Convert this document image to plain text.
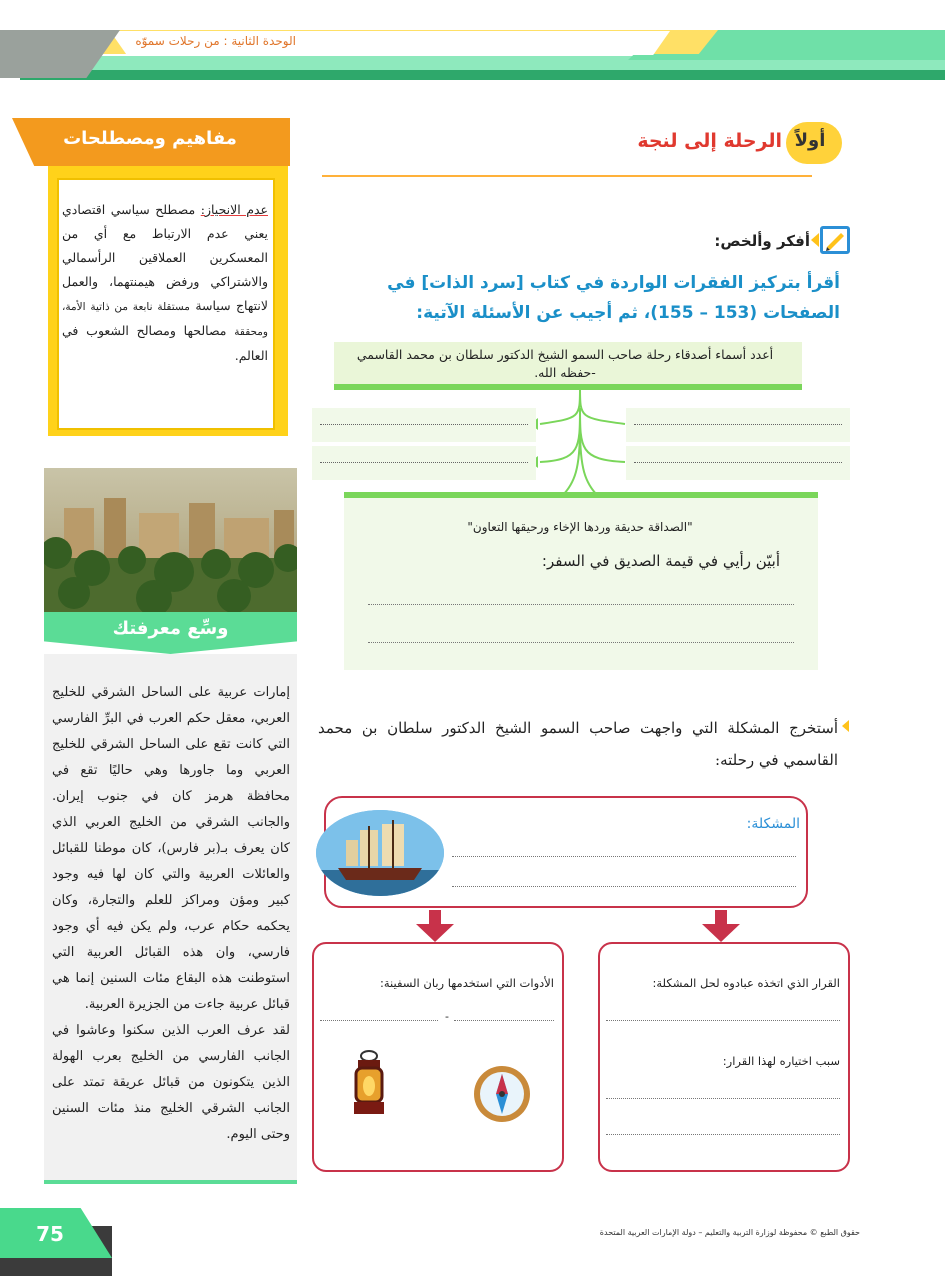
الوحدة الثانية : من رحلات سموّه
مفاهيم ومصطلحات
عدم الانحياز: مصطلح سياسي اقتصادي يعني عدم الارتباط مع أي من المعسكرين العملاقين الرأسمالي والاشتراكي ورفض هيمنتهما، والعمل لانتهاج سياسة مستقلة نابعة من ذاتية الأمة، ومحققة مصالحها ومصالح الشعوب في العالم.
وسِّع معرفتك

إمارات عربية على الساحل الشرقي للخليج العربي، معقل حكم العرب في البرِّ الفارسي التي كانت تقع على الساحل الشرقي للخليج العربي وما جاورها وهي حاليًا تقع في محافظة هرمز كان في جنوب إيران. والجانب الشرقي من الخليج العربي الذي كان يعرف بـ(بر فارس)، كان موطنا للقبائل والعائلات العربية والتي كان لها فيه وجود كبير ومؤن ومراكز للعلم والتجارة، وكان يحكمه حكام عرب، ولم يكن فيه أي وجود فارسي، وان هذه القبائل العربية التي استوطنت هذه البقاع مئات السنين إنما هي قبائل عربية جاءت من الجزيرة العربية.

لقد عرف العرب الذين سكنوا وعاشوا في الجانب الفارسي من الخليج بعرب الهولة الذين يتكونون من قبائل عريقة تمتد على الجانب الشرقي الخليج منذ مئات السنين وحتى اليوم.

أولاً
الرحلة إلى لنجة
أفكر وألخص:
أقرأ بتركيز الفقرات الواردة في كتاب [سرد الذات] في الصفحات (153 – 155)، ثم أجيب عن الأسئلة الآتية:
أعدد أسماء أصدقاء رحلة صاحب السمو الشيخ الدكتور سلطان بن محمد القاسمي -حفظه الله.
"الصداقة حديقة وردها الإخاء ورحيقها التعاون"
أبيّن رأيي في قيمة الصديق في السفر:
أستخرج المشكلة التي واجهت صاحب السمو الشيخ الدكتور سلطان بن محمد القاسمي في رحلته:
المشكلة:
الأدوات التي استخدمها ربان السفينة:
-
القرار الذي اتخذه عبادوه لحل المشكلة:
سبب اختياره لهذا القرار:
75	حقوق الطبع © محفوظة لوزارة التربية والتعليم – دولة الإمارات العربية المتحدة
